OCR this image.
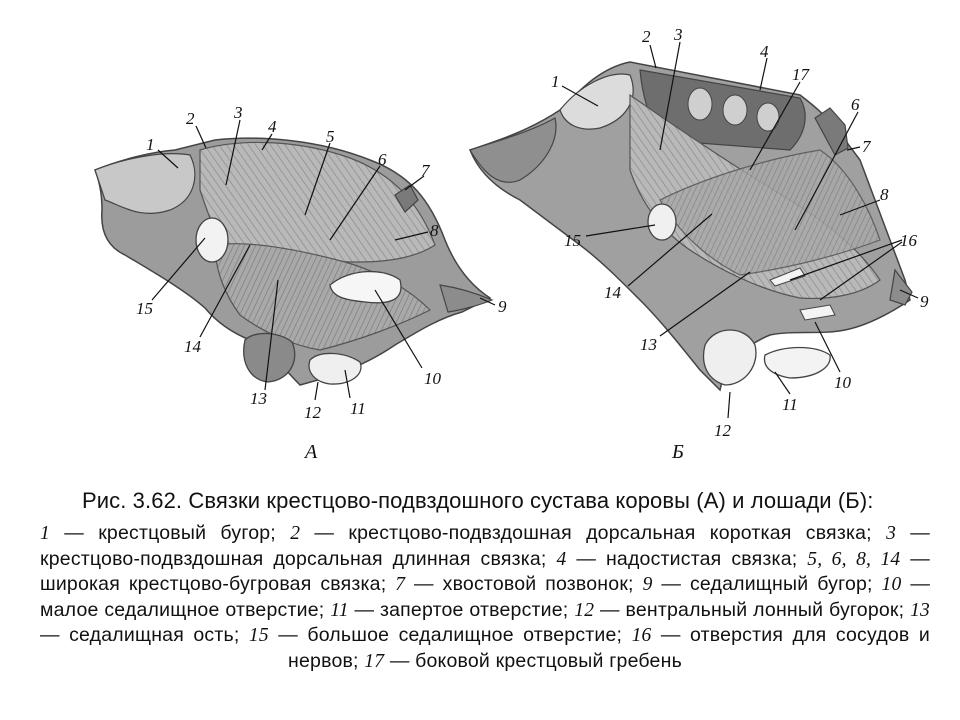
1
2 3
4
5
6
7
8
15
14
10
13
12 11
9
А
1
2 3
4
17
6
7
8
16
9
15
14
13
10
11
12
Б
Рис. 3.62. Связки крестцово-подвздошного сустава коровы (А) и лошади (Б):
1 — крестцовый бугор; 2 — крестцово-подвздошная дорсальная короткая связка; 3 — крестцово-подвздошная дорсальная длинная связка; 4 — надостистая связка; 5, 6, 8, 14 — широкая крестцово-бугровая связка; 7 — хвостовой позвонок; 9 — седалищный бугор; 10 — малое седалищное отверстие; 11 — запертое отверстие; 12 — вентральный лонный бугорок; 13 — седалищная ость; 15 — большое седалищное отверстие; 16 — отверстия для сосудов и нервов; 17 — боковой крестцовый гребень
